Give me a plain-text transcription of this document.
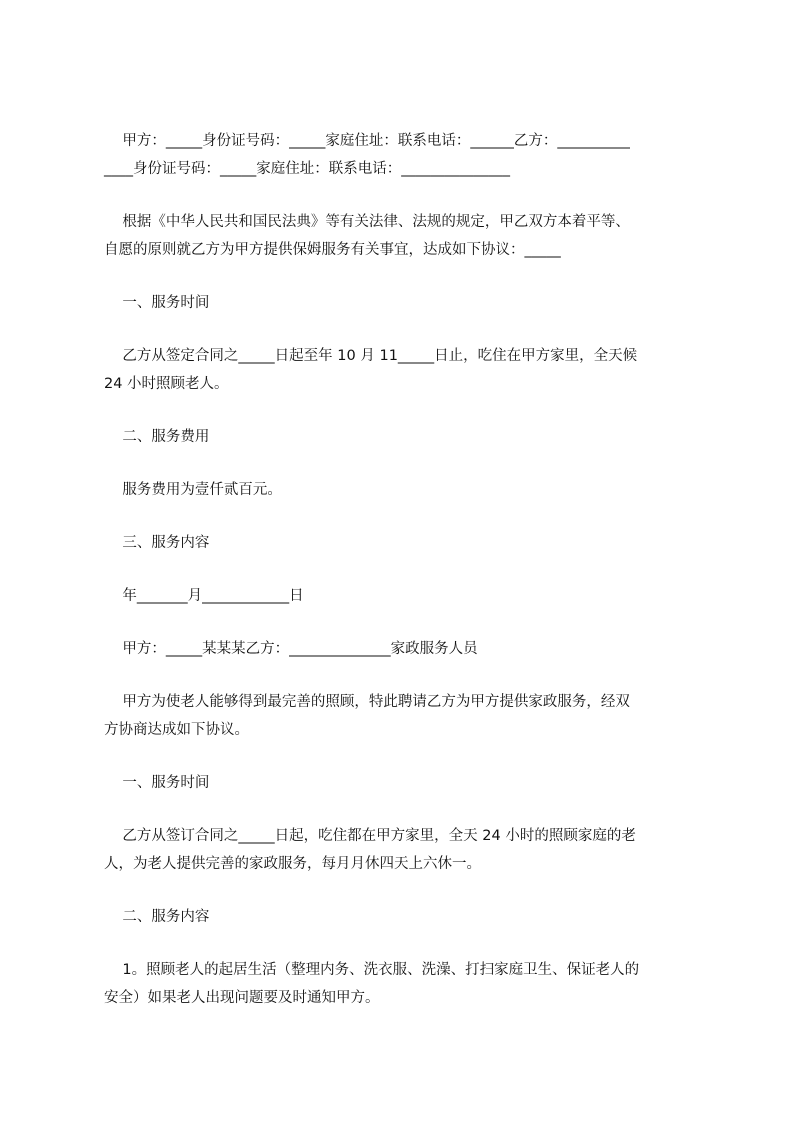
甲方：_____身份证号码：_____家庭住址：联系电话：______乙方：__________
____身份证号码：_____家庭住址：联系电话：_______________
根据《中华人民共和国民法典》等有关法律、法规的规定，甲乙双方本着平等、
自愿的原则就乙方为甲方提供保姆服务有关事宜，达成如下协议：_____
一、服务时间
乙方从签定合同之_____日起至年 10 月 11_____日止，吃住在甲方家里，全天候
24 小时照顾老人。
二、服务费用
服务费用为壹仟贰百元。
三、服务内容
年_______月____________日
甲方：_____某某某乙方：______________家政服务人员
甲方为使老人能够得到最完善的照顾，特此聘请乙方为甲方提供家政服务，经双
方协商达成如下协议。
一、服务时间
乙方从签订合同之_____日起，吃住都在甲方家里，全天 24 小时的照顾家庭的老
人，为老人提供完善的家政服务，每月月休四天上六休一。
二、服务内容
1。照顾老人的起居生活（整理内务、洗衣服、洗澡、打扫家庭卫生、保证老人的
安全）如果老人出现问题要及时通知甲方。
